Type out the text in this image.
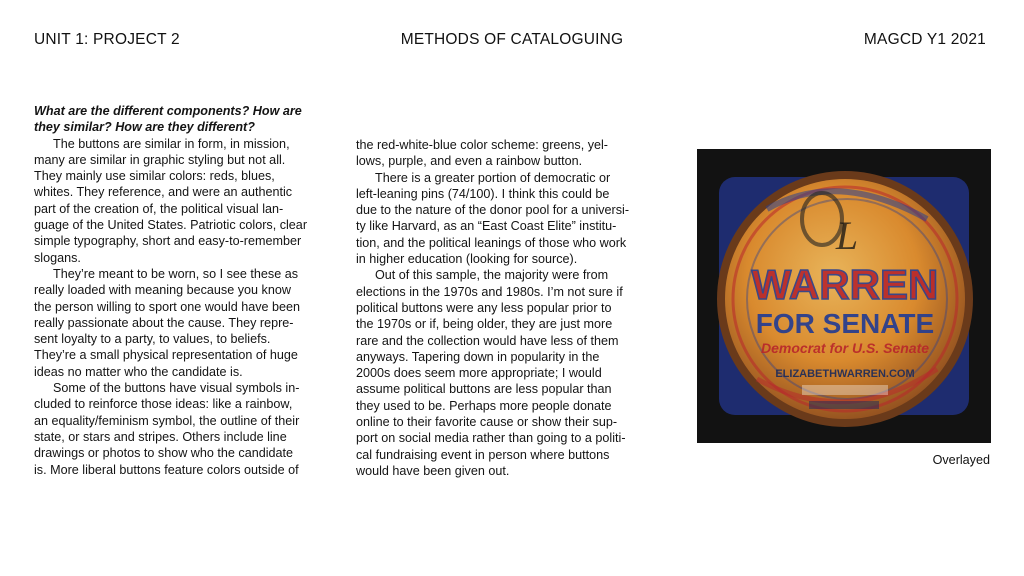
UNIT 1: PROJECT 2	METHODS OF CATALOGUING	MAGCD Y1 2021

What are the different components? How are
they similar? How are they different?

The buttons are similar in form, in mission,
many are similar in graphic styling but not all.
They mainly use similar colors: reds, blues,
whites. They reference, and were an authentic
part of the creation of, the political visual lan-
guage of the United States. Patriotic colors, clear
simple typography, short and easy-to-remember
slogans.

They’re meant to be worn, so I see these as
really loaded with meaning because you know
the person willing to sport one would have been
really passionate about the cause. They repre-
sent loyalty to a party, to values, to beliefs.
They’re a small physical representation of huge
ideas no matter who the candidate is.

Some of the buttons have visual symbols in-
cluded to reinforce those ideas: like a rainbow,
an equality/feminism symbol, the outline of their
state, or stars and stripes. Others include line
drawings or photos to show who the candidate
is. More liberal buttons feature colors outside of

the red-white-blue color scheme: greens, yel-
lows, purple, and even a rainbow button.

There is a greater portion of democratic or
left-leaning pins (74/100). I think this could be
due to the nature of the donor pool for a universi-
ty like Harvard, as an “East Coast Elite” institu-
tion, and the political leanings of those who work
in higher education (looking for source).

Out of this sample, the majority were from
elections in the 1970s and 1980s. I’m not sure if
political buttons were any less popular prior to
the 1970s or if, being older, they are just more
rare and the collection would have less of them
anyways. Tapering down in popularity in the
2000s does seem more appropriate; I would
assume political buttons are less popular than
they used to be. Perhaps more people donate
online to their favorite cause or show their sup-
port on social media rather than going to a politi-
cal fundraising event in person where buttons
would have been given out.

L
WARREN
FOR SENATE
Democrat for U.S. Senate
ELIZABETHWARREN.COM
Overlayed
